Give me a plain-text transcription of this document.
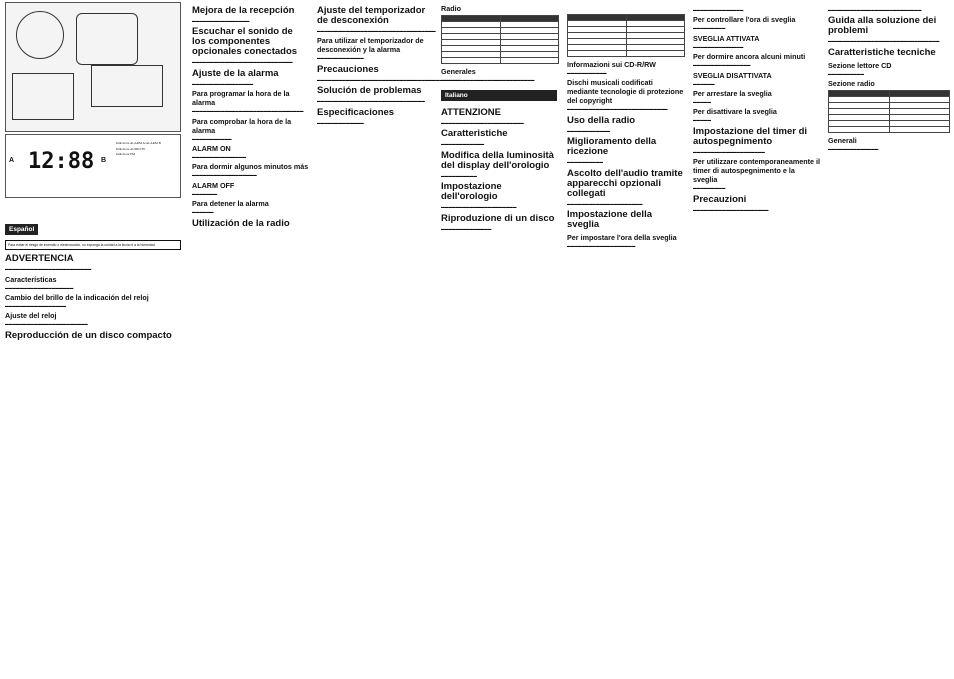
A 12:88 B

Indicatore ALARM A/ALARM B

Indicatore AUDIO IN

Indicatore PM

Español
Para evitar el riesgo de incendio o electrocución, no exponga la unidad a la lluvia ni a la humedad.
ADVERTENCIA

▬▬▬▬▬▬▬▬▬▬▬▬▬▬▬▬▬▬▬▬▬▬▬▬

Características

▬▬▬▬▬▬▬▬▬▬▬▬▬▬▬▬▬▬▬

Cambio del brillo de la indicación del reloj

▬▬▬▬▬▬▬▬▬▬▬▬▬▬▬▬▬

Ajuste del reloj

▬▬▬▬▬▬▬▬▬▬▬▬▬▬▬▬▬▬▬▬▬▬▬

Reproducción de un disco compacto
Mejora de la recepción

▬▬▬▬▬▬▬▬▬▬▬▬▬▬▬▬

Escuchar el sonido de los componentes opcionales conectados

▬▬▬▬▬▬▬▬▬▬▬▬▬▬▬▬▬▬▬▬▬▬▬▬▬▬▬▬

Ajuste de la alarma

▬▬▬▬▬▬▬▬▬▬▬▬▬▬▬▬▬

Para programar la hora de la alarma

▬▬▬▬▬▬▬▬▬▬▬▬▬▬▬▬▬▬▬▬▬▬▬▬▬▬▬▬▬▬▬

Para comprobar la hora de la alarma

▬▬▬▬▬▬▬▬▬▬▬

ALARM ON

▬▬▬▬▬▬▬▬▬▬▬▬▬▬▬

Para dormir algunos minutos más

▬▬▬▬▬▬▬▬▬▬▬▬▬▬▬▬▬▬

ALARM OFF

▬▬▬▬▬▬▬

Para detener la alarma

▬▬▬▬▬▬

Utilización de la radio
Ajuste del temporizador de desconexión

▬▬▬▬▬▬▬▬▬▬▬▬▬▬▬▬▬▬▬▬▬▬▬▬▬▬▬▬▬▬▬▬▬

Para utilizar el temporizador de desconexión y la alarma

▬▬▬▬▬▬▬▬▬▬▬▬▬

Precauciones

▬▬▬▬▬▬▬▬▬▬▬▬▬▬▬▬▬▬▬▬▬▬▬▬▬▬▬▬▬▬▬▬▬▬▬▬▬▬▬▬

Solución de problemas

▬▬▬▬▬▬▬▬▬▬▬▬▬▬▬▬▬▬▬▬▬▬▬▬▬▬▬▬▬▬

Especificaciones

▬▬▬▬▬▬▬▬▬▬▬▬▬

Radio

Generales

▬▬▬▬▬▬▬▬▬▬▬▬▬▬▬▬▬▬▬▬▬▬▬▬▬▬

Italiano
ATTENZIONE

▬▬▬▬▬▬▬▬▬▬▬▬▬▬▬▬▬▬▬▬▬▬▬

Caratteristiche

▬▬▬▬▬▬▬▬▬▬▬▬

Modifica della luminosità del display dell'orologio

▬▬▬▬▬▬▬▬▬▬

Impostazione dell'orologio

▬▬▬▬▬▬▬▬▬▬▬▬▬▬▬▬▬▬▬▬▬

Riproduzione di un disco

▬▬▬▬▬▬▬▬▬▬▬▬▬▬

Informazioni sui CD-R/RW

▬▬▬▬▬▬▬▬▬▬▬

Dischi musicali codificati mediante tecnologie di protezione del copyright

▬▬▬▬▬▬▬▬▬▬▬▬▬▬▬▬▬▬▬▬▬▬▬▬▬▬▬▬

Uso della radio

▬▬▬▬▬▬▬▬▬▬▬▬

Miglioramento della ricezione

▬▬▬▬▬▬▬▬▬▬

Ascolto dell'audio tramite apparecchi opzionali collegati

▬▬▬▬▬▬▬▬▬▬▬▬▬▬▬▬▬▬▬▬▬

Impostazione della sveglia
Per impostare l'ora della sveglia

▬▬▬▬▬▬▬▬▬▬▬▬▬▬▬▬▬▬▬

▬▬▬▬▬▬▬▬▬▬▬▬▬▬

Per controllare l'ora di sveglia

▬▬▬▬▬▬▬▬▬

SVEGLIA ATTIVATA

▬▬▬▬▬▬▬▬▬▬▬▬▬▬

Per dormire ancora alcuni minuti

▬▬▬▬▬▬▬▬▬▬▬▬▬▬▬▬

SVEGLIA DISATTIVATA

▬▬▬▬▬▬

Per arrestare la sveglia

▬▬▬▬▬

Per disattivare la sveglia

▬▬▬▬▬

Impostazione del timer di autospegnimento

▬▬▬▬▬▬▬▬▬▬▬▬▬▬▬▬▬▬▬▬

Per utilizzare contemporaneamente il timer di autospegnimento e la sveglia

▬▬▬▬▬▬▬▬▬

Precauzioni

▬▬▬▬▬▬▬▬▬▬▬▬▬▬▬▬▬▬▬▬▬

▬▬▬▬▬▬▬▬▬▬▬▬▬▬▬▬▬▬▬▬▬▬▬▬▬▬

Guida alla soluzione dei problemi

▬▬▬▬▬▬▬▬▬▬▬▬▬▬▬▬▬▬▬▬▬▬▬▬▬▬▬▬▬▬▬

Caratteristiche tecniche
Sezione lettore CD

▬▬▬▬▬▬▬▬▬▬

Sezione radio

Generali

▬▬▬▬▬▬▬▬▬▬▬▬▬▬
